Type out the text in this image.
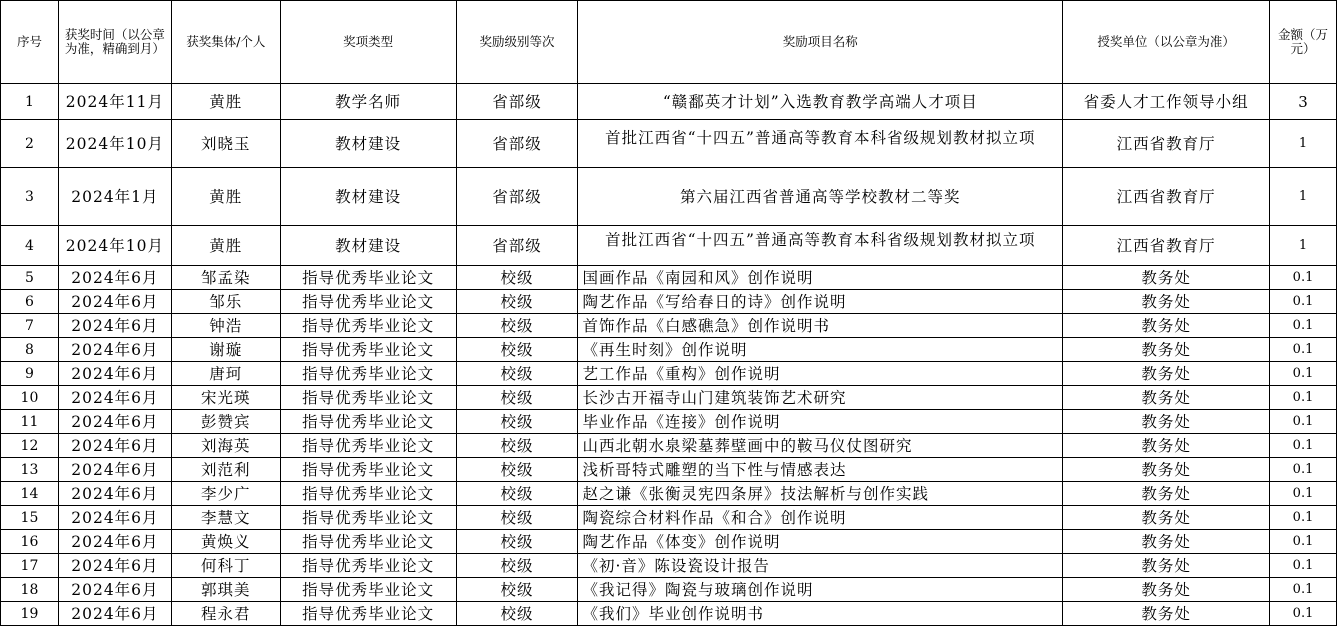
序号	获奖时间（以公章为准，精确到月）	获奖集体/个人	奖项类型	奖励级别等次	奖励项目名称	授奖单位（以公章为准）	金额（万元）
1	2024年11月	黄胜	教学名师	省部级	“赣鄱英才计划”入选教育教学高端人才项目	省委人才工作领导小组	3
2	2024年10月	刘晓玉	教材建设	省部级	首批江西省“十四五”普通高等教育本科省级规划教材拟立项	江西省教育厅	1
3	2024年1月	黄胜	教材建设	省部级	第六届江西省普通高等学校教材二等奖	江西省教育厅	1
4	2024年10月	黄胜	教材建设	省部级	首批江西省“十四五”普通高等教育本科省级规划教材拟立项	江西省教育厅	1
5	2024年6月	邹孟染	指导优秀毕业论文	校级	国画作品《南园和风》创作说明	教务处	0.1
6	2024年6月	邹乐	指导优秀毕业论文	校级	陶艺作品《写给春日的诗》创作说明	教务处	0.1
7	2024年6月	钟浩	指导优秀毕业论文	校级	首饰作品《白感礁急》创作说明书	教务处	0.1
8	2024年6月	谢璇	指导优秀毕业论文	校级	《再生时刻》创作说明	教务处	0.1
9	2024年6月	唐珂	指导优秀毕业论文	校级	艺工作品《重构》创作说明	教务处	0.1
10	2024年6月	宋光瑛	指导优秀毕业论文	校级	长沙古开福寺山门建筑装饰艺术研究	教务处	0.1
11	2024年6月	彭赞宾	指导优秀毕业论文	校级	毕业作品《连接》创作说明	教务处	0.1
12	2024年6月	刘海英	指导优秀毕业论文	校级	山西北朝水泉梁墓葬壁画中的鞍马仪仗图研究	教务处	0.1
13	2024年6月	刘范利	指导优秀毕业论文	校级	浅析哥特式雕塑的当下性与情感表达	教务处	0.1
14	2024年6月	李少广	指导优秀毕业论文	校级	赵之谦《张衡灵宪四条屏》技法解析与创作实践	教务处	0.1
15	2024年6月	李慧文	指导优秀毕业论文	校级	陶瓷综合材料作品《和合》创作说明	教务处	0.1
16	2024年6月	黄焕义	指导优秀毕业论文	校级	陶艺作品《体变》创作说明	教务处	0.1
17	2024年6月	何科丁	指导优秀毕业论文	校级	《初·音》陈设瓷设计报告	教务处	0.1
18	2024年6月	郭琪美	指导优秀毕业论文	校级	《我记得》陶瓷与玻璃创作说明	教务处	0.1
19	2024年6月	程永君	指导优秀毕业论文	校级	《我们》毕业创作说明书	教务处	0.1
